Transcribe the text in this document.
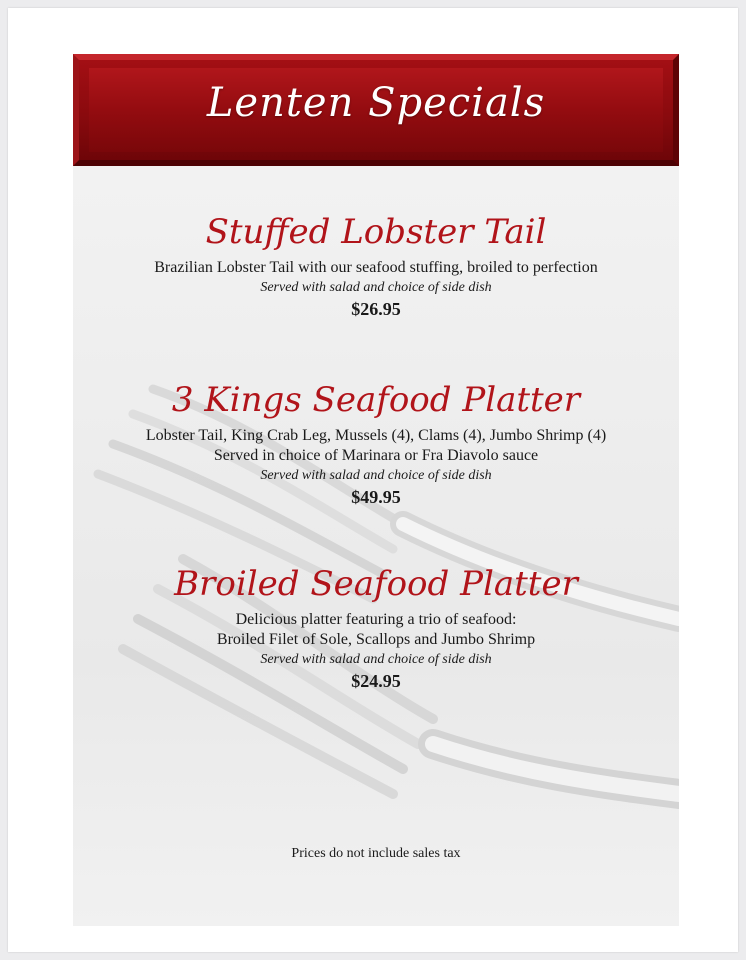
Lenten Specials
Stuffed Lobster Tail
Brazilian Lobster Tail with our seafood stuffing, broiled to perfection
Served with salad and choice of side dish
$26.95
3 Kings Seafood Platter
Lobster Tail, King Crab Leg, Mussels (4), Clams (4), Jumbo Shrimp (4)
Served in choice of Marinara or Fra Diavolo sauce
Served with salad and choice of side dish
$49.95
Broiled Seafood Platter
Delicious platter featuring a trio of seafood:
Broiled Filet of Sole, Scallops and Jumbo Shrimp
Served with salad and choice of side dish
$24.95
Prices do not include sales tax
